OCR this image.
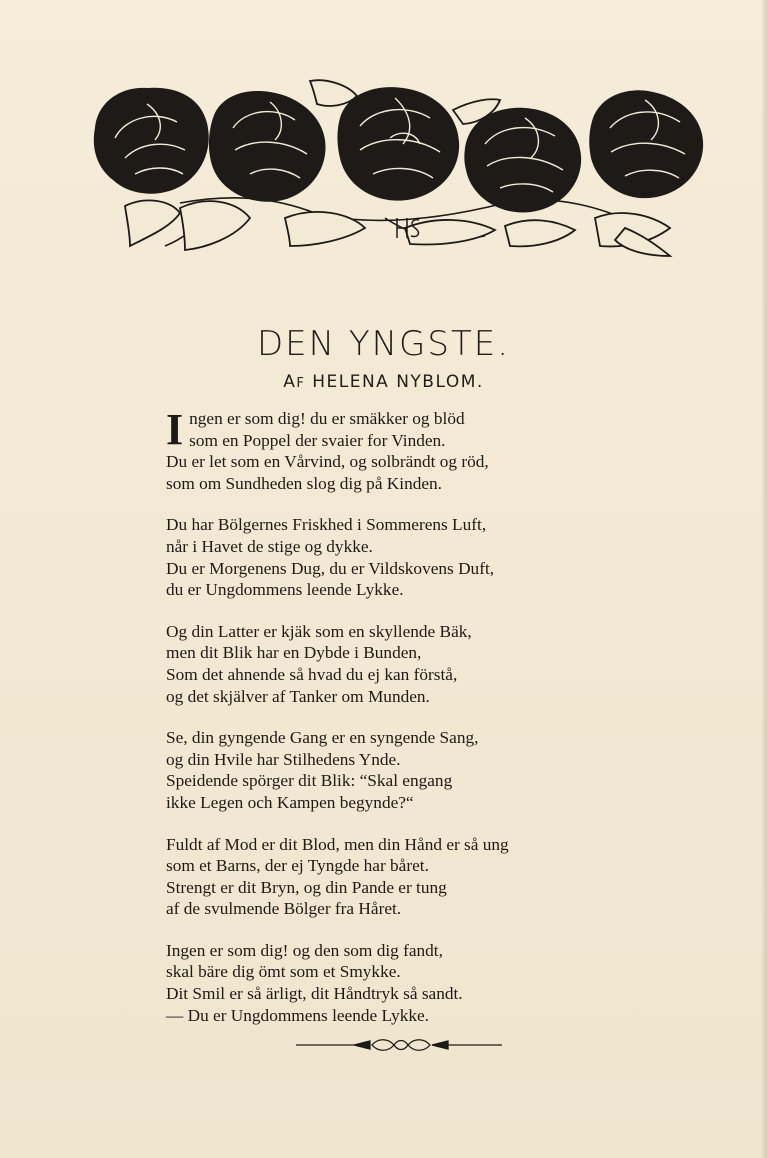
DEN YNGSTE.
AF HELENA NYBLOM.
I ngen er som dig! du er smäkker og blöd
som en Poppel der svaier for Vinden.
Du er let som en Vårvind, og solbrändt og röd,
som om Sundheden slog dig på Kinden.
Du har Bölgernes Friskhed i Sommerens Luft,
når i Havet de stige og dykke.
Du er Morgenens Dug, du er Vildskovens Duft,
du er Ungdommens leende Lykke.
Og din Latter er kjäk som en skyllende Bäk,
men dit Blik har en Dybde i Bunden,
Som det ahnende så hvad du ej kan förstå,
og det skjälver af Tanker om Munden.
Se, din gyngende Gang er en syngende Sang,
og din Hvile har Stilhedens Ynde.
Speidende spörger dit Blik: “Skal engang
ikke Legen och Kampen begynde?“
Fuldt af Mod er dit Blod, men din Hånd er så ung
som et Barns, der ej Tyngde har båret.
Strengt er dit Bryn, og din Pande er tung
af de svulmende Bölger fra Håret.
Ingen er som dig! og den som dig fandt,
skal bäre dig ömt som et Smykke.
Dit Smil er så ärligt, dit Håndtryk så sandt.
— Du er Ungdommens leende Lykke.
